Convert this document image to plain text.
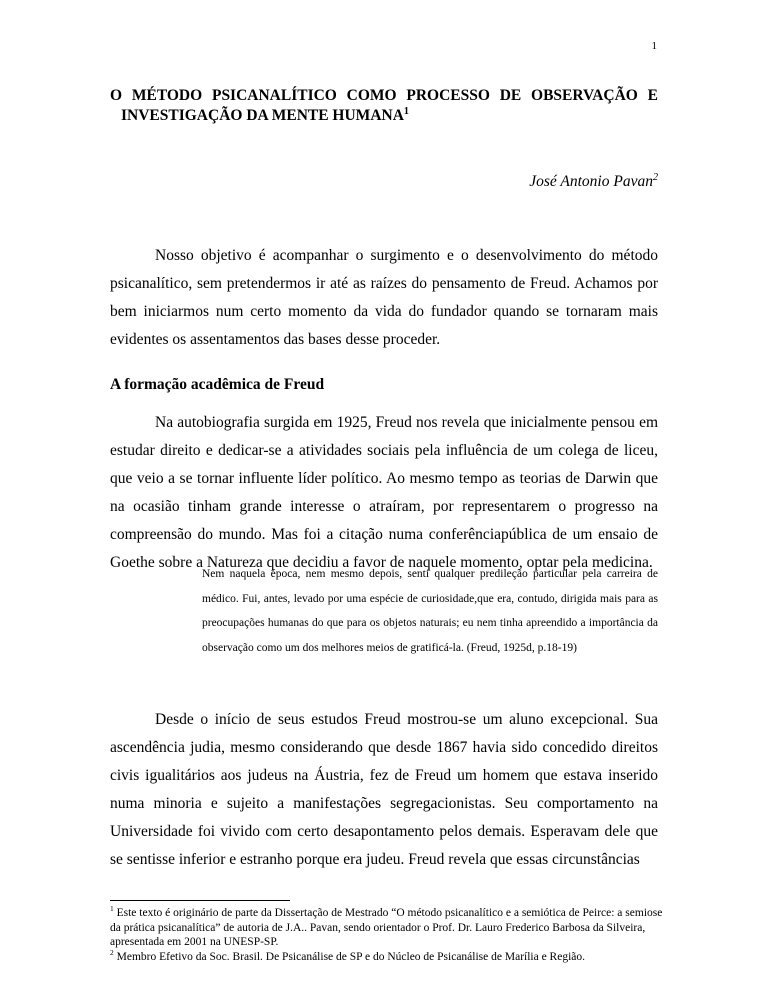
1
O MÉTODO PSICANALÍTICO COMO PROCESSO DE OBSERVAÇÃO E
INVESTIGAÇÃO DA MENTE HUMANA$^1$
José Antonio Pavan$^2$

Nosso objetivo é acompanhar o surgimento e o desenvolvimento do método psicanalítico, sem pretendermos ir até as raízes do pensamento de Freud. Achamos por bem iniciarmos num certo momento da vida do fundador quando se tornaram mais evidentes os assentamentos das bases desse proceder.

A formação acadêmica de Freud

Na autobiografia surgida em 1925, Freud nos revela que inicialmente pensou em estudar direito e dedicar-se a atividades sociais pela influência de um colega de liceu, que veio a se tornar influente líder político. Ao mesmo tempo as teorias de Darwin que na ocasião tinham grande interesse o atraíram, por representarem o progresso na compreensão do mundo. Mas foi a citação numa conferênciapública de um ensaio de Goethe sobre a Natureza que decidiu a favor de naquele momento, optar pela medicina.

Nem naquela época, nem mesmo depois, senti qualquer predileção particular pela carreira de médico. Fui, antes, levado por uma espécie de curiosidade,que era, contudo, dirigida mais para as preocupações humanas do que para os objetos naturais; eu nem tinha apreendido a importância da observação como um dos melhores meios de gratificá-la. (Freud, 1925d, p.18-19)

Desde o início de seus estudos Freud mostrou-se um aluno excepcional. Sua ascendência judia, mesmo considerando que desde 1867 havia sido concedido direitos civis igualitários aos judeus na Áustria, fez de Freud um homem que estava inserido numa minoria e sujeito a manifestações segregacionistas. Seu comportamento na Universidade foi vivido com certo desapontamento pelos demais. Esperavam dele que se sentisse inferior e estranho porque era judeu. Freud revela que essas circunstâncias

$^1$ Este texto é originário de parte da Dissertação de Mestrado “O método psicanalítico e a semiótica de Peirce: a semiose da prática psicanalítica” de autoria de J.A.. Pavan, sendo orientador o Prof. Dr. Lauro Frederico Barbosa da Silveira, apresentada em 2001 na UNESP-SP.

$^2$ Membro Efetivo da Soc. Brasil. De Psicanálise de SP e do Núcleo de Psicanálise de Marília e Região.
